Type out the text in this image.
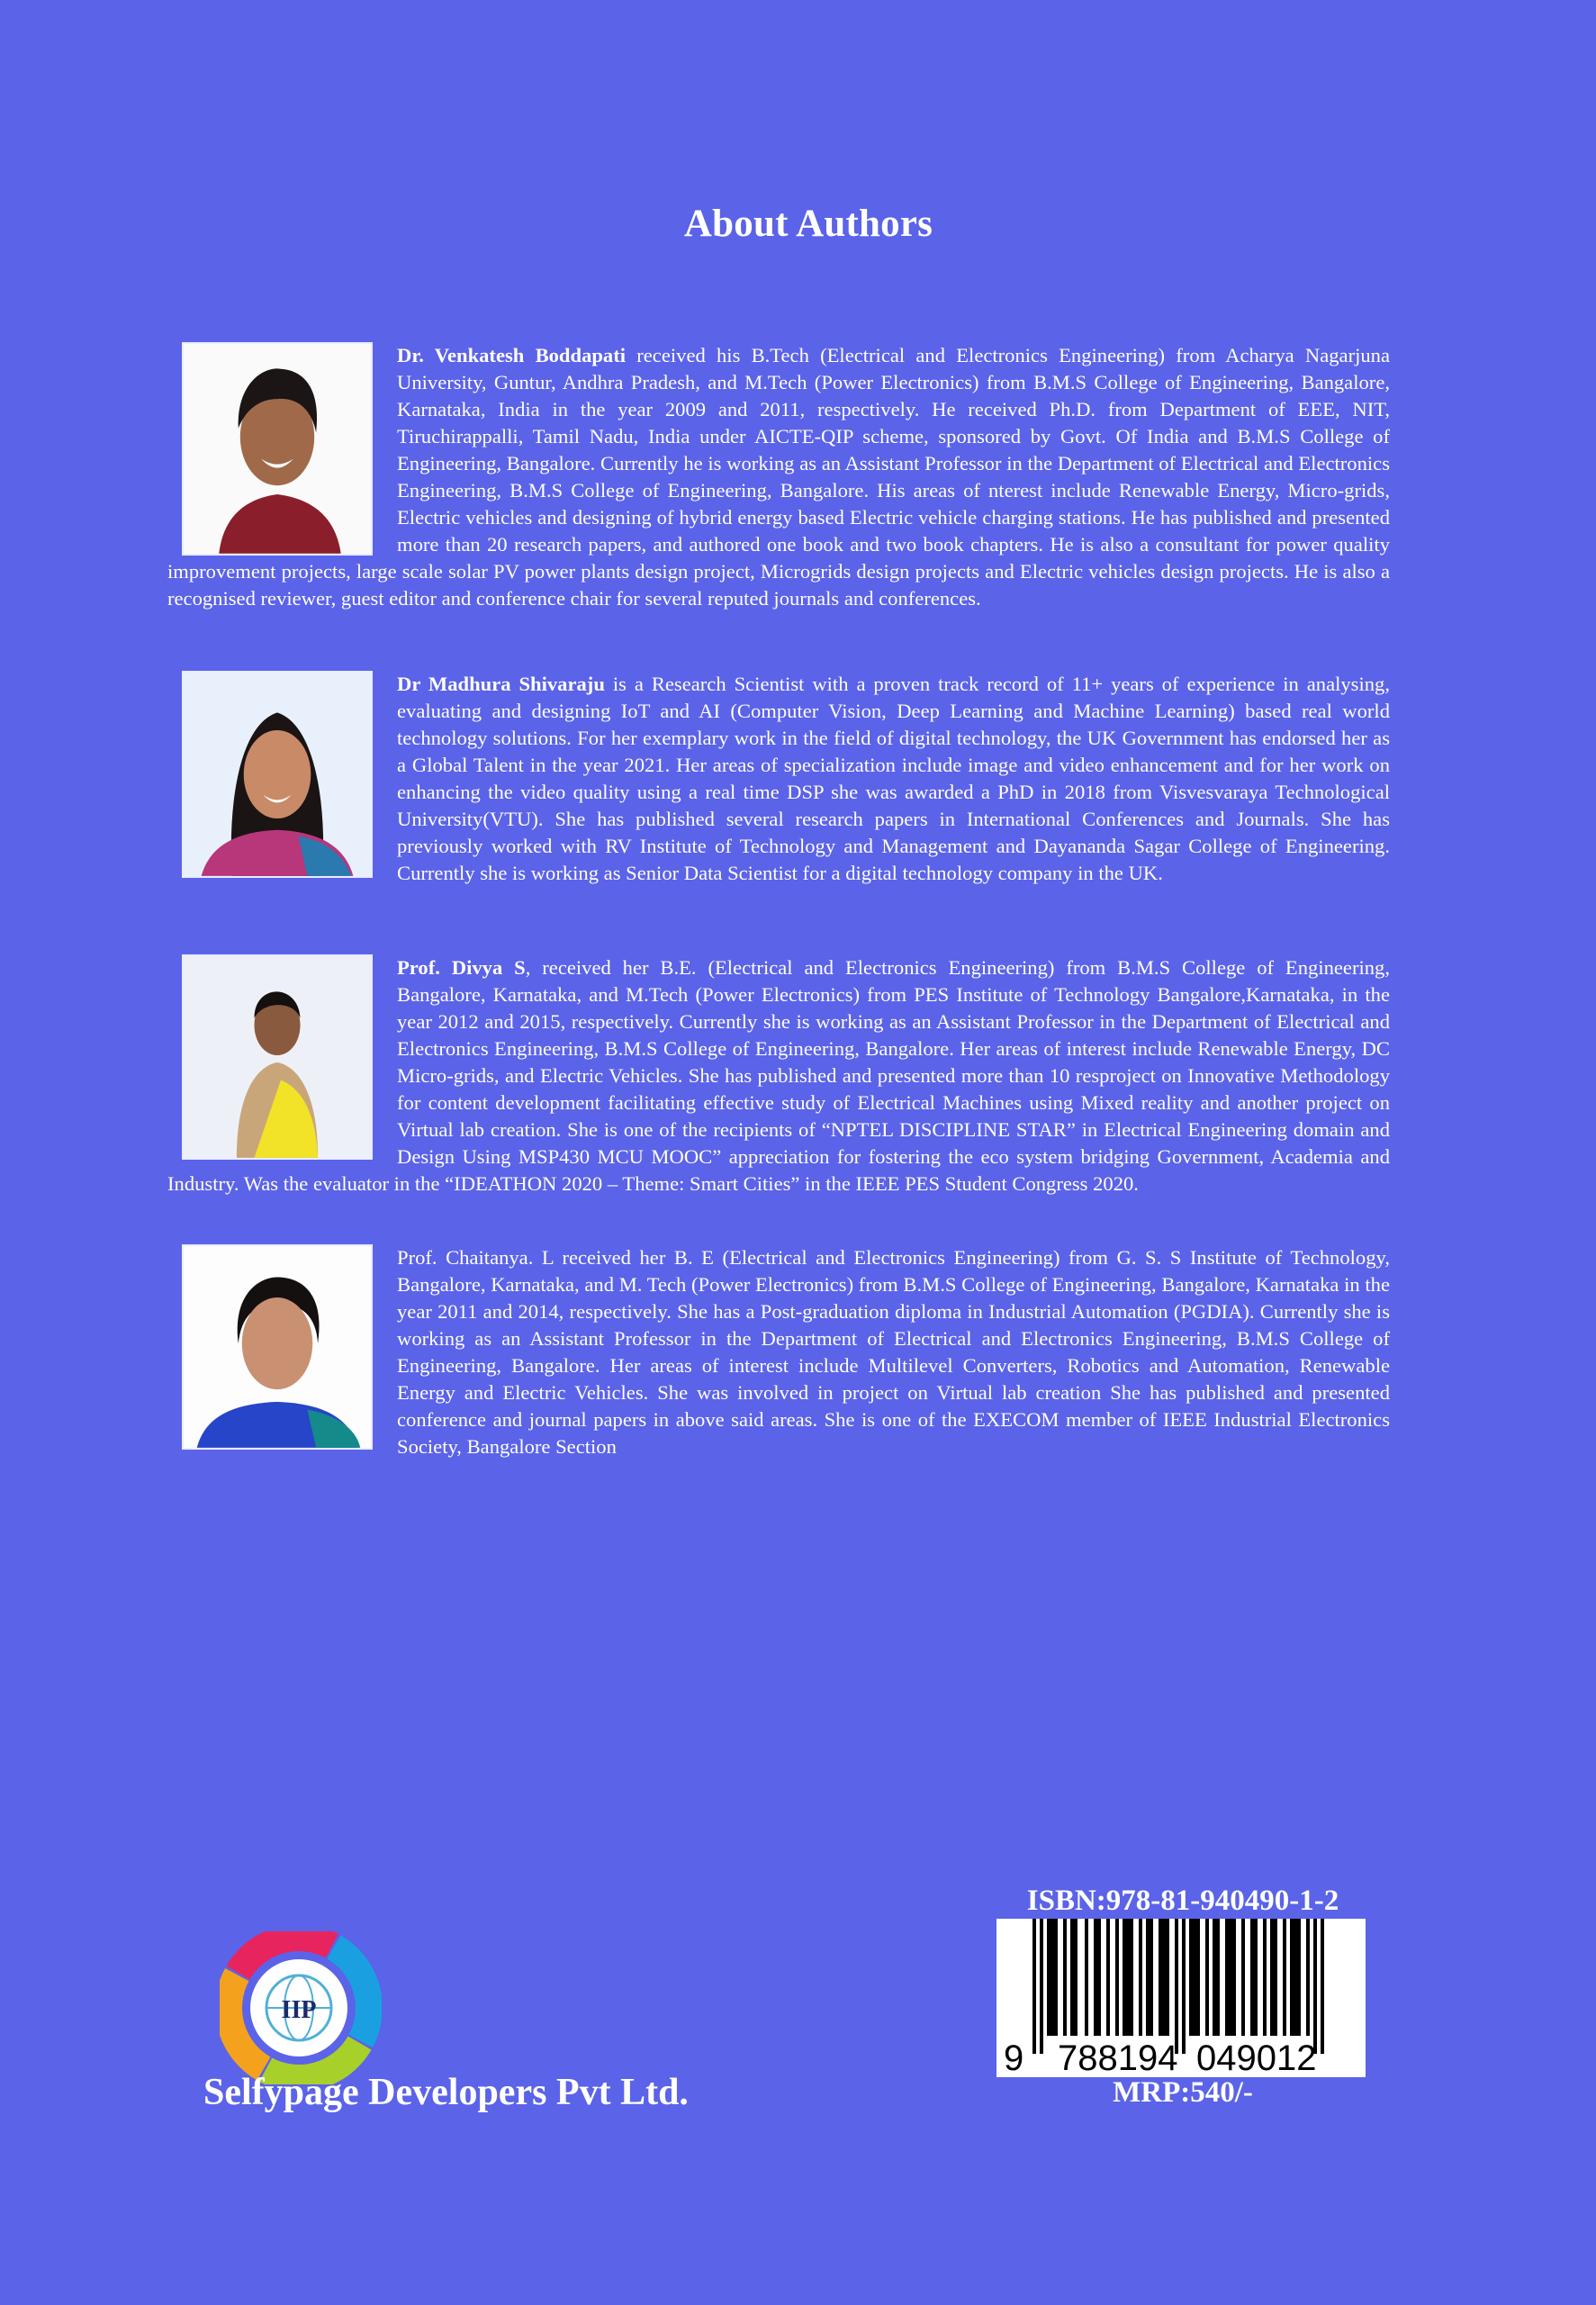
About Authors
Dr. Venkatesh Boddapati received his B.Tech (Electrical and Electronics Engineering) from Acharya Nagarjuna University, Guntur, Andhra Pradesh, and M.Tech (Power Electronics) from B.M.S College of Engineering, Bangalore, Karnataka, India in the year 2009 and 2011, respectively. He received Ph.D. from Department of EEE, NIT, Tiruchirappalli, Tamil Nadu, India under AICTE-QIP scheme, sponsored by Govt. Of India and B.M.S College of Engineering, Bangalore. Currently he is working as an Assistant Professor in the Department of Electrical and Electronics Engineering, B.M.S College of Engineering, Bangalore. His areas of nterest include Renewable Energy, Micro-grids, Electric vehicles and designing of hybrid energy based Electric vehicle charging stations. He has published and presented more than 20 research papers, and authored one book and two book chapters. He is also a consultant for power quality improvement projects, large scale solar PV power plants design project, Microgrids design projects and Electric vehicles design projects. He is also a recognised reviewer, guest editor and conference chair for several reputed journals and conferences.
Dr Madhura Shivaraju is a Research Scientist with a proven track record of 11+ years of experience in analysing, evaluating and designing IoT and AI (Computer Vision, Deep Learning and Machine Learning) based real world technology solutions. For her exemplary work in the field of digital technology, the UK Government has endorsed her as a Global Talent in the year 2021. Her areas of specialization include image and video enhancement and for her work on enhancing the video quality using a real time DSP she was awarded a PhD in 2018 from Visvesvaraya Technological University(VTU). She has published several research papers in International Conferences and Journals. She has previously worked with RV Institute of Technology and Management and Dayananda Sagar College of Engineering. Currently she is working as Senior Data Scientist for a digital technology company in the UK.
Prof. Divya S, received her B.E. (Electrical and Electronics Engineering) from B.M.S College of Engineering, Bangalore, Karnataka, and M.Tech (Power Electronics) from PES Institute of Technology Bangalore,Karnataka, in the year 2012 and 2015, respectively. Currently she is working as an Assistant Professor in the Department of Electrical and Electronics Engineering, B.M.S College of Engineering, Bangalore. Her areas of interest include Renewable Energy, DC Micro-grids, and Electric Vehicles. She has published and presented more than 10 resproject on Innovative Methodology for content development facilitating effective study of Electrical Machines using Mixed reality and another project on Virtual lab creation. She is one of the recipients of “NPTEL DISCIPLINE STAR” in Electrical Engineering domain and Design Using MSP430 MCU MOOC” appreciation for fostering the eco system bridging Government, Academia and Industry. Was the evaluator in the “IDEATHON 2020 – Theme: Smart Cities” in the IEEE PES Student Congress 2020.
Prof. Chaitanya. L received her B. E (Electrical and Electronics Engineering) from G. S. S Institute of Technology, Bangalore, Karnataka, and M. Tech (Power Electronics) from B.M.S College of Engineering, Bangalore, Karnataka in the year 2011 and 2014, respectively. She has a Post-graduation diploma in Industrial Automation (PGDIA). Currently she is working as an Assistant Professor in the Department of Electrical and Electronics Engineering, B.M.S College of Engineering, Bangalore. Her areas of interest include Multilevel Converters, Robotics and Automation, Renewable Energy and Electric Vehicles. She was involved in project on Virtual lab creation She has published and presented conference and journal papers in above said areas. She is one of the EXECOM member of IEEE Industrial Electronics Society, Bangalore Section
IIP
Selfypage Developers Pvt Ltd.
ISBN:978-81-940490-1-2
9 788194 049012
MRP:540/-
